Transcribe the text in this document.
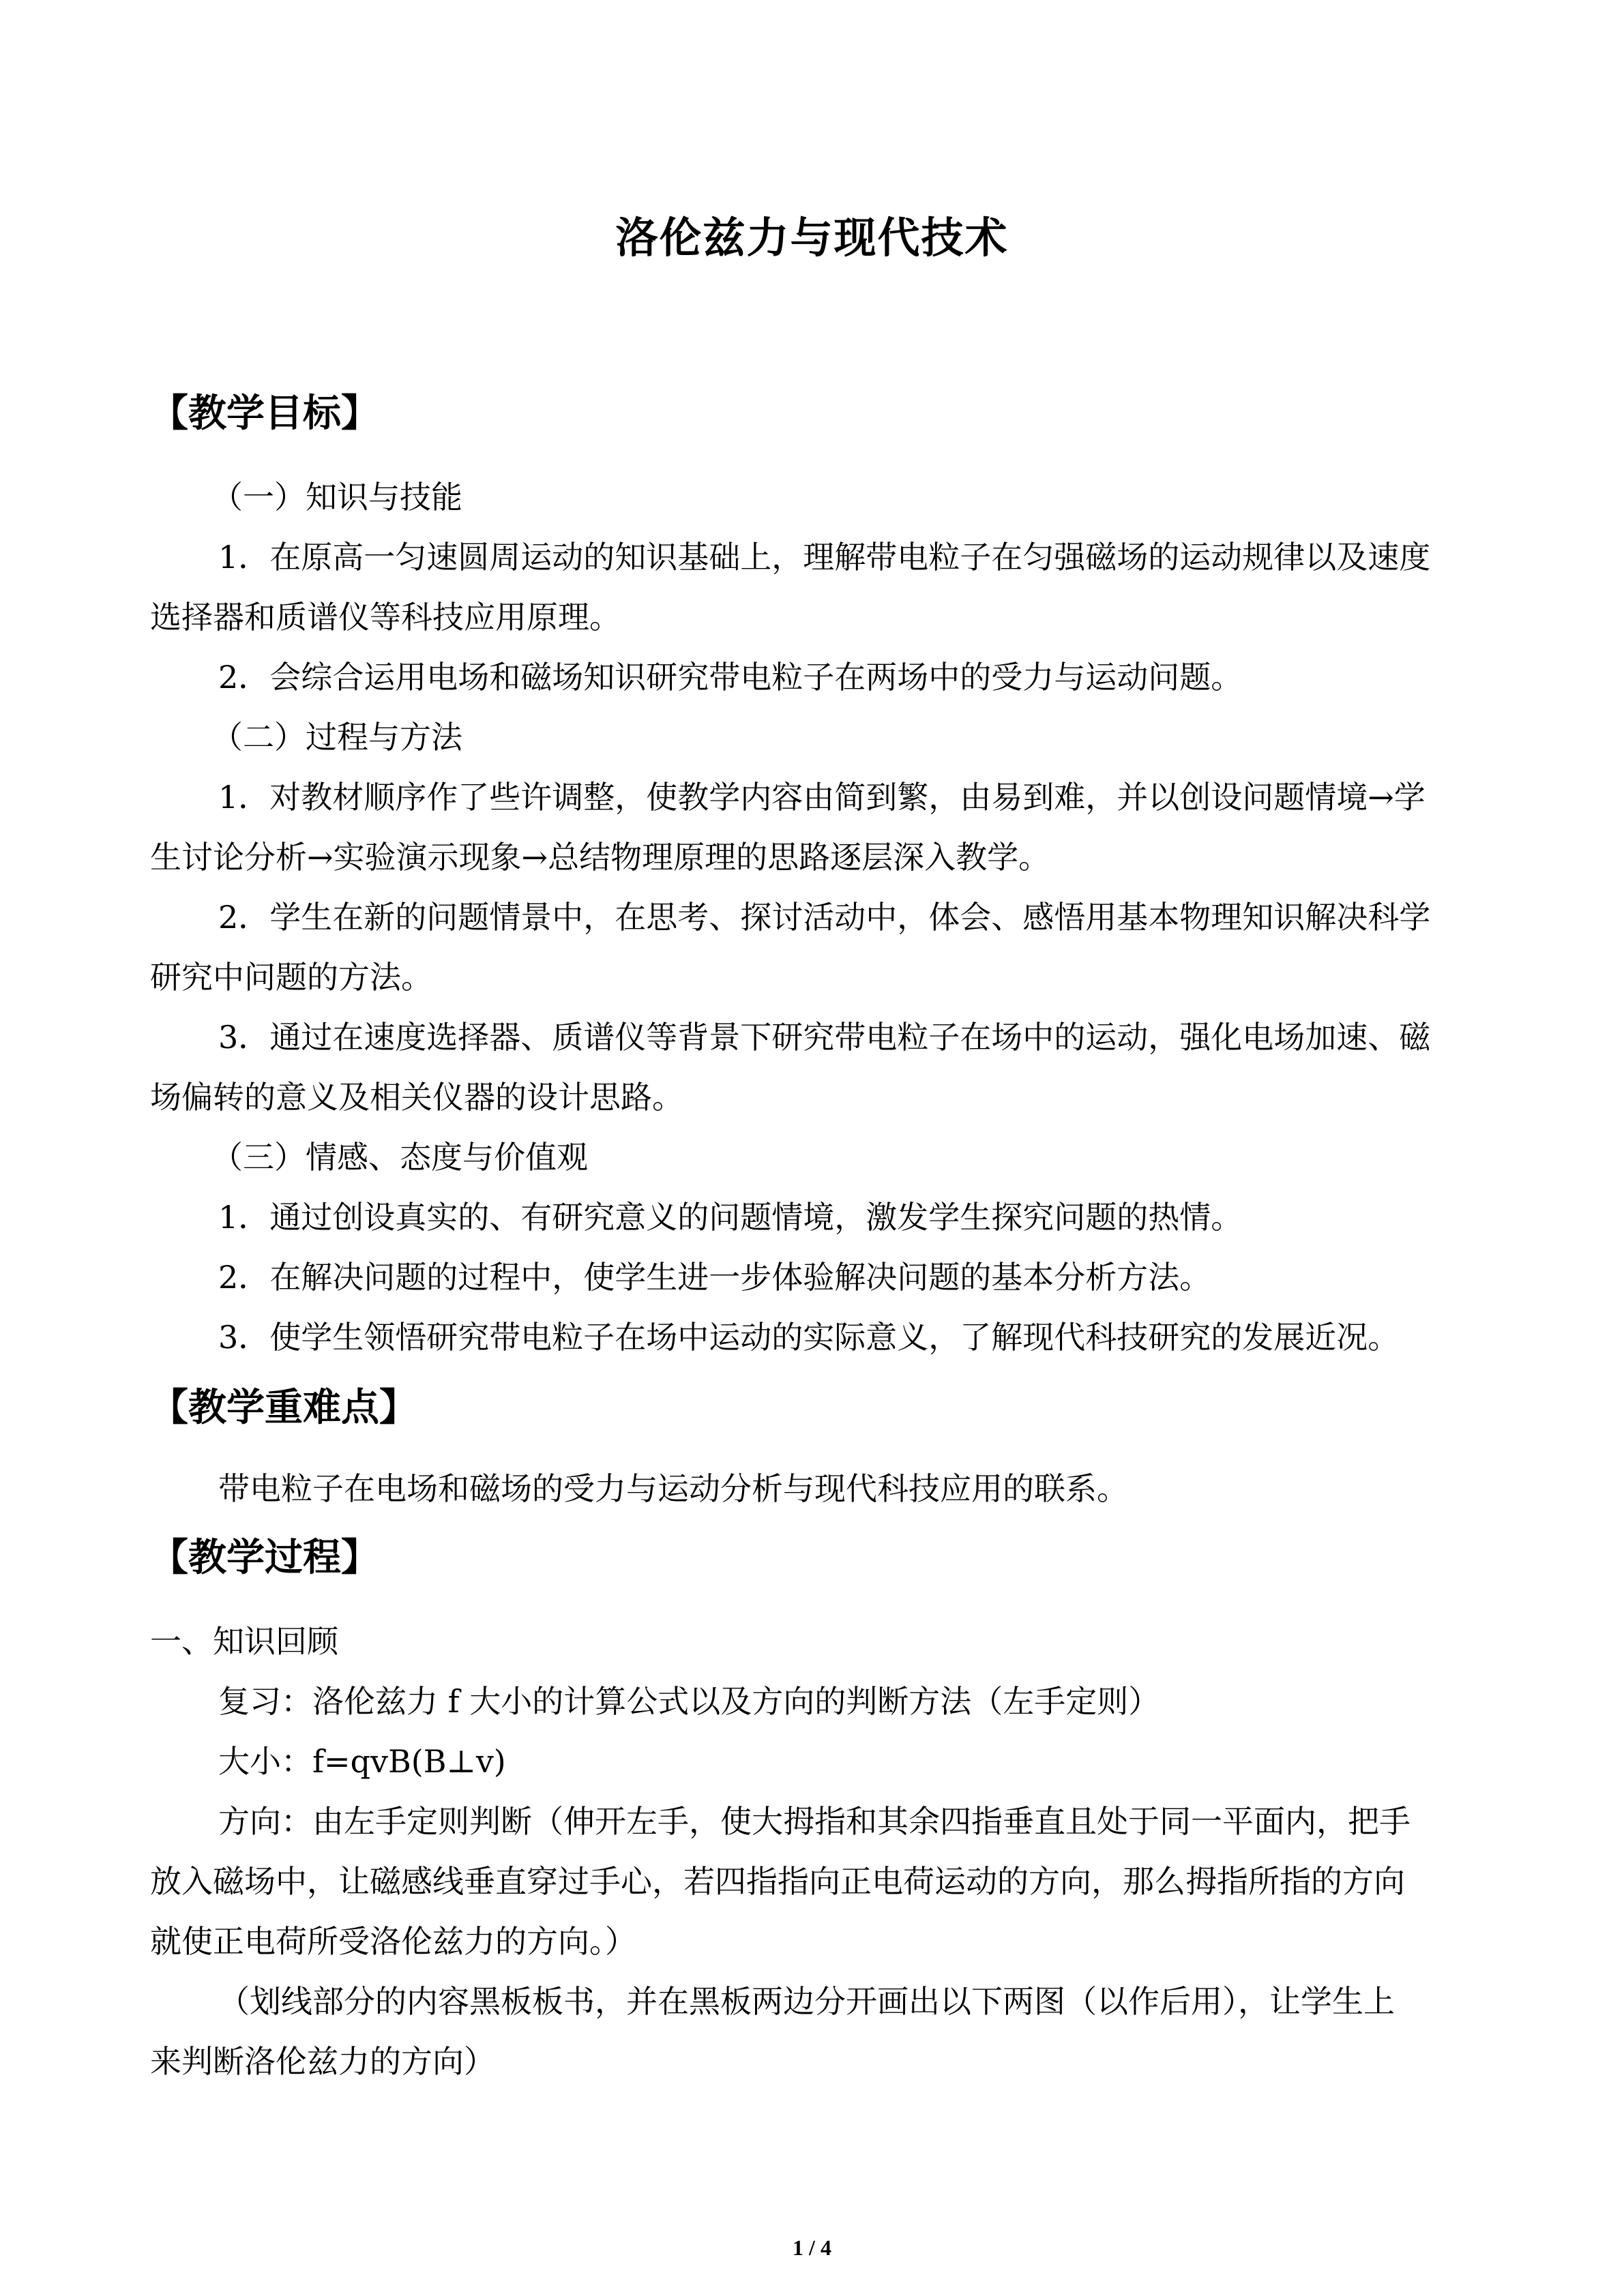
洛伦兹力与现代技术
【教学目标】
（一）知识与技能
1．在原高一匀速圆周运动的知识基础上，理解带电粒子在匀强磁场的运动规律以及速度
选择器和质谱仪等科技应用原理。
2．会综合运用电场和磁场知识研究带电粒子在两场中的受力与运动问题。
（二）过程与方法
1．对教材顺序作了些许调整，使教学内容由简到繁，由易到难，并以创设问题情境→学
生讨论分析→实验演示现象→总结物理原理的思路逐层深入教学。
2．学生在新的问题情景中，在思考、探讨活动中，体会、感悟用基本物理知识解决科学
研究中问题的方法。
3．通过在速度选择器、质谱仪等背景下研究带电粒子在场中的运动，强化电场加速、磁
场偏转的意义及相关仪器的设计思路。
（三）情感、态度与价值观
1．通过创设真实的、有研究意义的问题情境，激发学生探究问题的热情。
2．在解决问题的过程中，使学生进一步体验解决问题的基本分析方法。
3．使学生领悟研究带电粒子在场中运动的实际意义，了解现代科技研究的发展近况。
【教学重难点】
带电粒子在电场和磁场的受力与运动分析与现代科技应用的联系。
【教学过程】
一、知识回顾
复习：洛伦兹力 f 大小的计算公式以及方向的判断方法（左手定则）
大小：f=qvB(B⊥v)
方向：由左手定则判断（伸开左手，使大拇指和其余四指垂直且处于同一平面内，把手
放入磁场中，让磁感线垂直穿过手心，若四指指向正电荷运动的方向，那么拇指所指的方向
就使正电荷所受洛伦兹力的方向。）
（划线部分的内容黑板板书，并在黑板两边分开画出以下两图（以作后用），让学生上
来判断洛伦兹力的方向）
1 / 4
